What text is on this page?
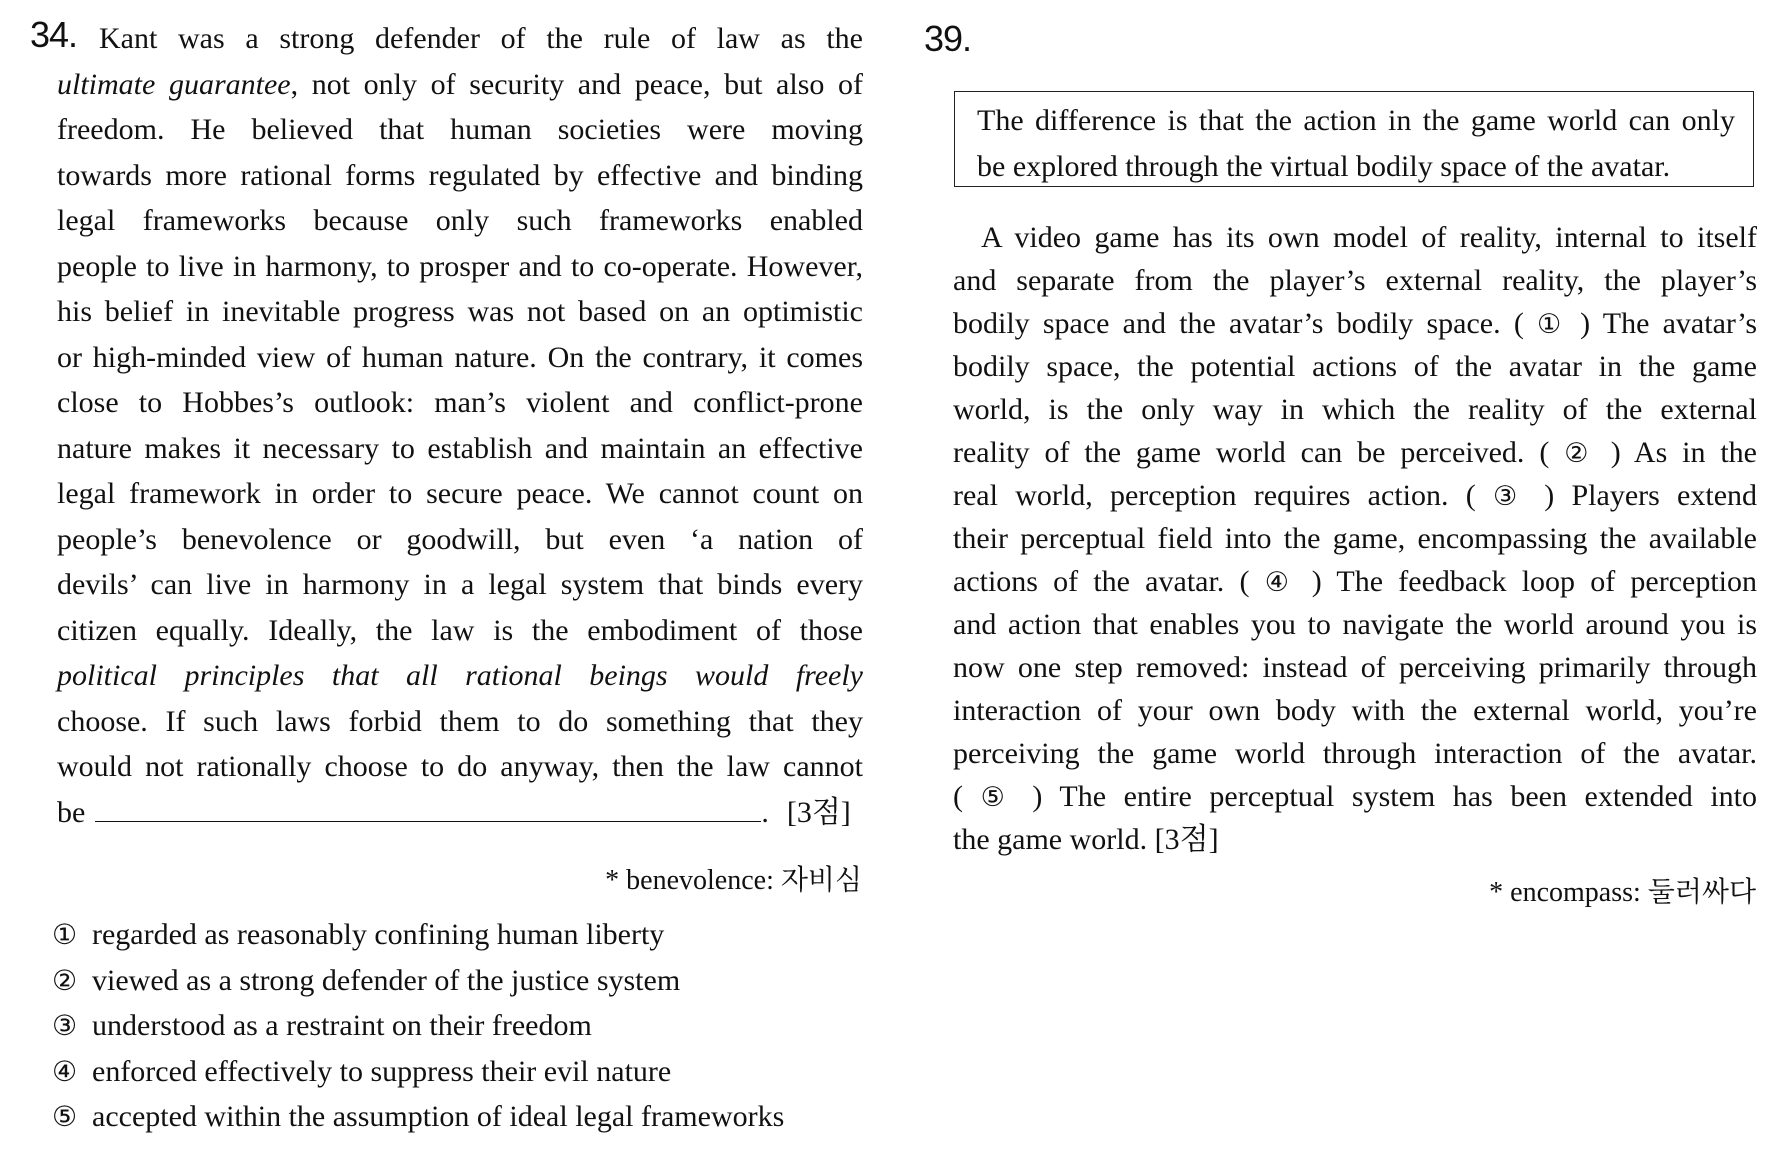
34. Kant was a strong defender of the rule of law as the
ultimate guarantee, not only of security and peace, but also of
freedom. He believed that human societies were moving
towards more rational forms regulated by effective and binding
legal frameworks because only such frameworks enabled
people to live in harmony, to prosper and to co-operate. However,
his belief in inevitable progress was not based on an optimistic
or high-minded view of human nature. On the contrary, it comes
close to Hobbes’s outlook: man’s violent and conflict-prone
nature makes it necessary to establish and maintain an effective
legal framework in order to secure peace. We cannot count on
people’s benevolence or goodwill, but even ‘a nation of
devils’ can live in harmony in a legal system that binds every
citizen equally. Ideally, the law is the embodiment of those
political principles that all rational beings would freely
choose. If such laws forbid them to do something that they
would not rationally choose to do anyway, then the law cannot
be	. [3점]
* benevolence: 자비심
① regarded as reasonably confining human liberty
② viewed as a strong defender of the justice system
③ understood as a restraint on their freedom
④ enforced effectively to suppress their evil nature
⑤ accepted within the assumption of ideal legal frameworks
39.
The difference is that the action in the game world can only
be explored through the virtual bodily space of the avatar.
A video game has its own model of reality, internal to itself
and separate from the player’s external reality, the player’s
bodily space and the avatar’s bodily space. ( ① ) The avatar’s
bodily space, the potential actions of the avatar in the game
world, is the only way in which the reality of the external
reality of the game world can be perceived. ( ② ) As in the
real world, perception requires action. ( ③ ) Players extend
their perceptual field into the game, encompassing the available
actions of the avatar. ( ④ ) The feedback loop of perception
and action that enables you to navigate the world around you is
now one step removed: instead of perceiving primarily through
interaction of your own body with the external world, you’re
perceiving the game world through interaction of the avatar.
( ⑤ ) The entire perceptual system has been extended into
the game world. [3점]
* encompass: 둘러싸다
